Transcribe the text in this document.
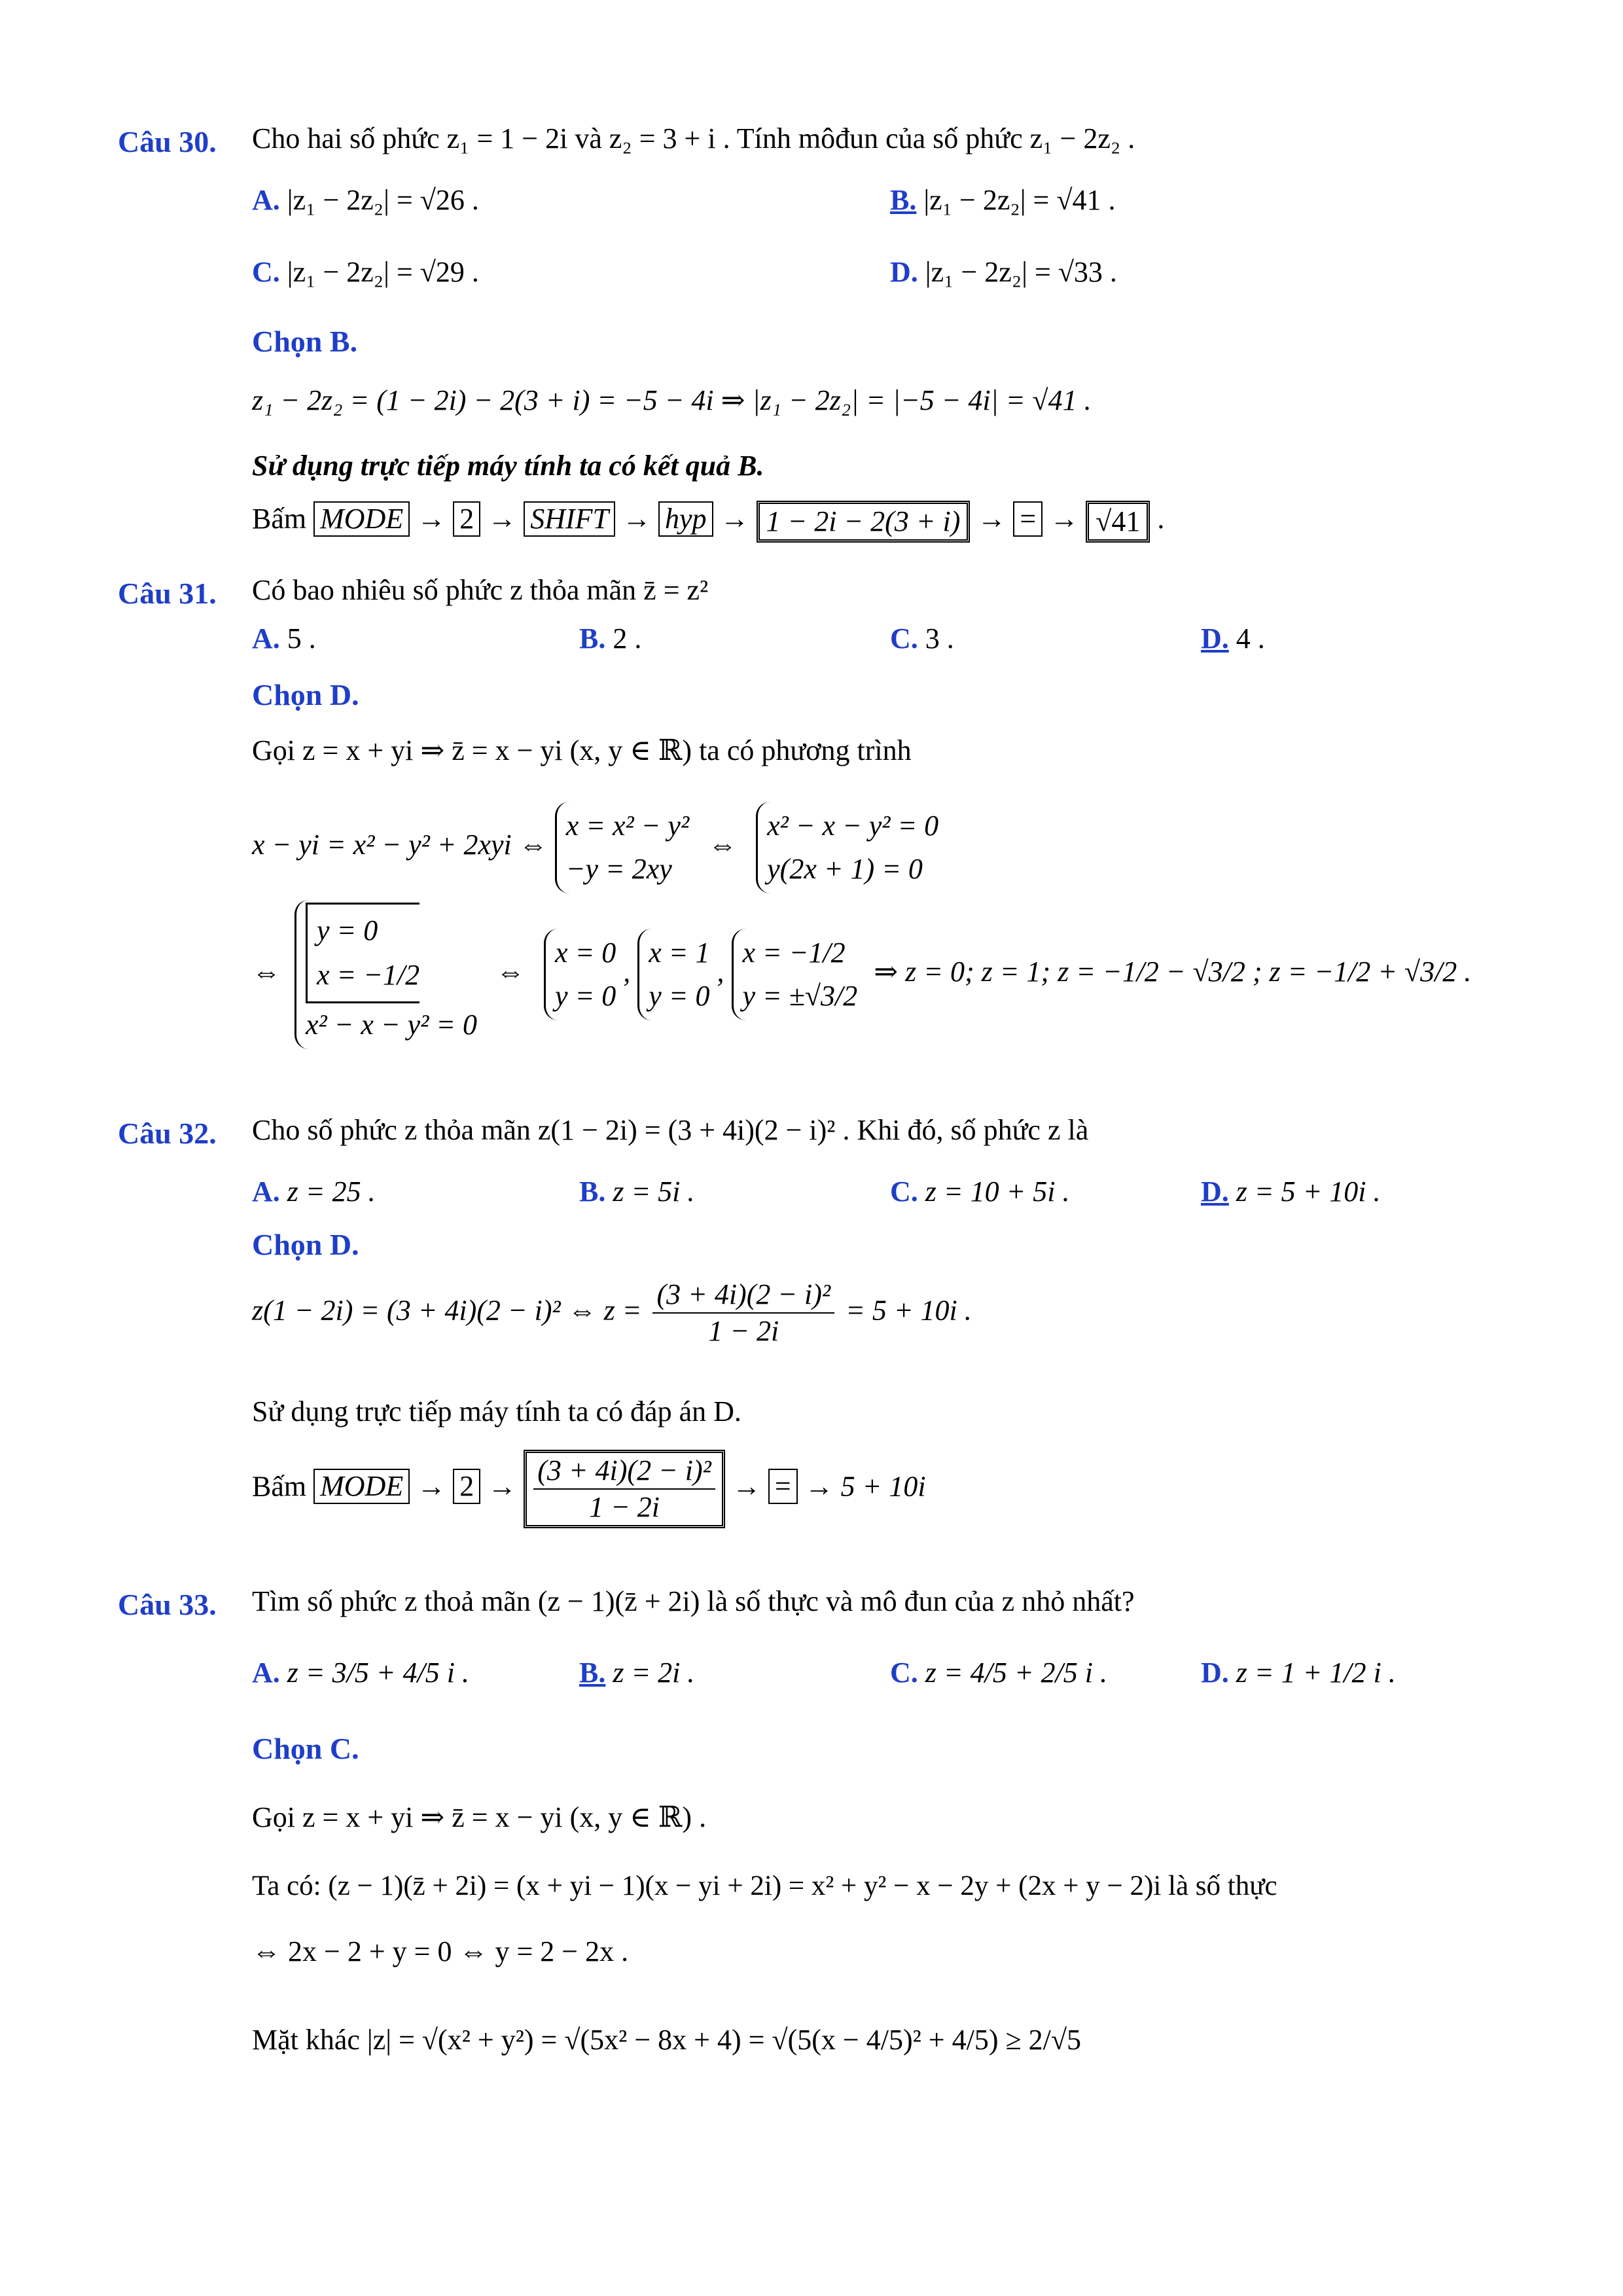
Câu 30. Cho hai số phức z₁ = 1 − 2i và z₂ = 3 + i . Tính môđun của số phức z₁ − 2z₂ .
A. |z₁ − 2z₂| = √26 .	B. |z₁ − 2z₂| = √41 .
C. |z₁ − 2z₂| = √29 .	D. |z₁ − 2z₂| = √33 .
Chọn B.
z₁ − 2z₂ = (1 − 2i) − 2(3 + i) = −5 − 4i ⇒ |z₁ − 2z₂| = |−5 − 4i| = √41 .
Sử dụng trực tiếp máy tính ta có kết quả B.
Bấm MODE → 2 → SHIFT → hyp → 1 − 2i − 2(3 + i) → = → √41 .
Câu 31. Có bao nhiêu số phức z thỏa mãn z̄ = z²
A. 5 .	B. 2 .	C. 3 .	D. 4 .
Chọn D.
Gọi z = x + yi ⇒ z̄ = x − yi (x, y ∈ ℝ) ta có phương trình
x − yi = x² − y² + 2xyi ⇔
x = x² − y²
−y = 2xy
⇔
x² − x − y² = 0
y(2x + 1) = 0
⇔ y = 0
x = −1/2
x² − x − y² = 0 ⇔
x = 0
y = 0
,
x = 1
y = 0
,
x = −1/2
y = ±√3/2
⇒ z = 0; z = 1; z = −1/2 − √3/2 ; z = −1/2 + √3/2 .
Câu 32. Cho số phức z thỏa mãn z(1 − 2i) = (3 + 4i)(2 − i)² . Khi đó, số phức z là
A. z = 25 .	B. z = 5i .	C. z = 10 + 5i .	D. z = 5 + 10i .
Chọn D.
z(1 − 2i) = (3 + 4i)(2 − i)² ⇔ $z = \frac{\text{(3 + 4i)(2 − i)²}}{1 - 2i} = 5 + 10i$ .
Sử dụng trực tiếp máy tính ta có đáp án D.
Bấm MODE → $2 \to \frac{\text{(3 + 4i)(2 − i)²}}{1 - 2i}$ → = → 5 + 10i
Câu 33. Tìm số phức z thoả mãn (z − 1)(z̄ + 2i) là số thực và mô đun của z nhỏ nhất?
A. z = 3/5 + 4/5 i .	B. z = 2i .	C. z = 4/5 + 2/5 i .	D. z = 1 + 1/2 i .
Chọn C.
Gọi z = x + yi ⇒ z̄ = x − yi (x, y ∈ ℝ) .
Ta có: (z − 1)(z̄ + 2i) = (x + yi − 1)(x − yi + 2i) = x² + y² − x − 2y + (2x + y − 2)i là số thực
⇔ 2x − 2 + y = 0 ⇔ y = 2 − 2x .
Mặt khác |z| = √(x² + y²) = √(5x² − 8x + 4) = √(5(x − 4/5)² + 4/5) ≥ 2/√5
